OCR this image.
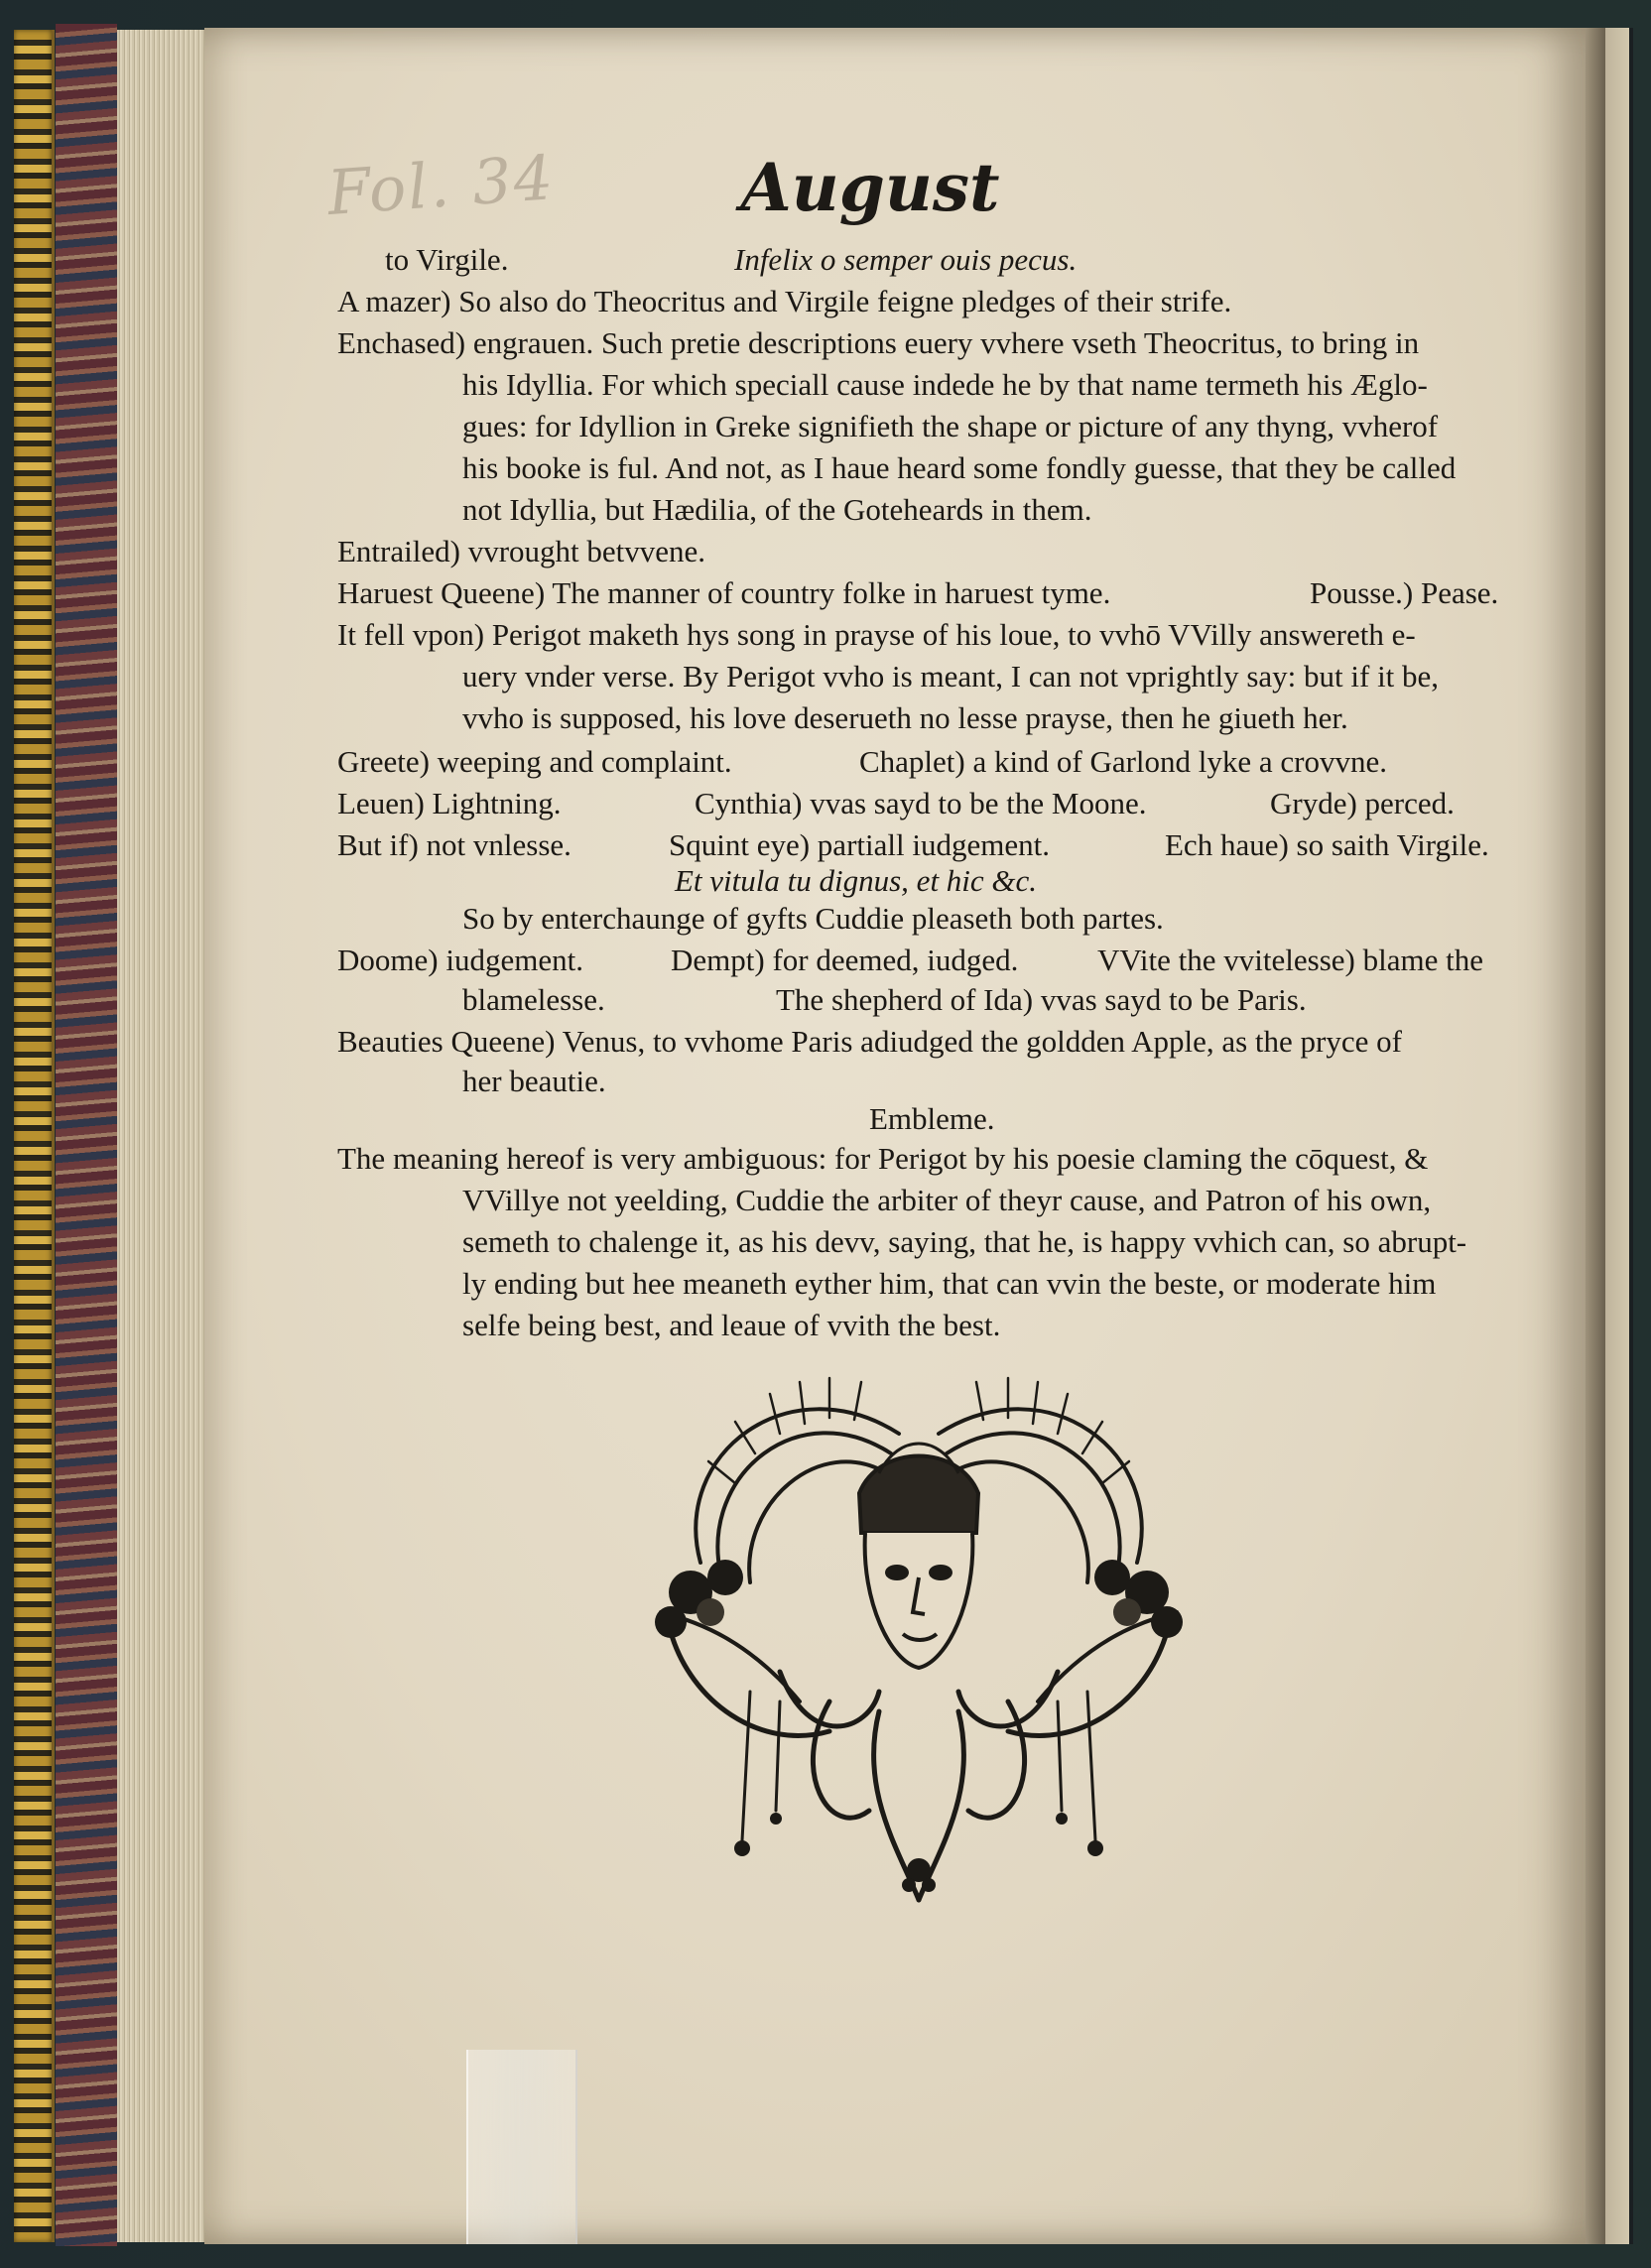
Fol. 34	August
to Virgile.	Infelix o semper ouis pecus.
A mazer) So also do Theocritus and Virgile feigne pledges of their strife.
Enchased) engrauen. Such pretie descriptions euery vvhere vseth Theocritus, to bring in
his Idyllia. For which speciall cause indede he by that name termeth his Æglo-
gues: for Idyllion in Greke signifieth the shape or picture of any thyng, vvherof
his booke is ful. And not, as I haue heard some fondly guesse, that they be called
not Idyllia, but Hædilia, of the Goteheards in them.
Entrailed) vvrought betvvene.
Haruest Queene) The manner of country folke in haruest tyme.	Pousse.) Pease.
It fell vpon) Perigot maketh hys song in prayse of his loue, to vvhō VVilly answereth e-
uery vnder verse. By Perigot vvho is meant, I can not vprightly say: but if it be,
vvho is supposed, his love deserueth no lesse prayse, then he giueth her.
Greete) weeping and complaint.	Chaplet) a kind of Garlond lyke a crovvne.
Leuen) Lightning.	Cynthia) vvas sayd to be the Moone.	Gryde) perced.
But if) not vnlesse.	Squint eye) partiall iudgement.	Ech haue) so saith Virgile.
Et vitula tu dignus, et hic &c.
So by enterchaunge of gyfts Cuddie pleaseth both partes.
Doome) iudgement.	Dempt) for deemed, iudged.	VVite the vvitelesse) blame the
blamelesse.	The shepherd of Ida) vvas sayd to be Paris.
Beauties Queene) Venus, to vvhome Paris adiudged the goldden Apple, as the pryce of
her beautie.
Embleme.
The meaning hereof is very ambiguous: for Perigot by his poesie claming the cōquest, &
VVillye not yeelding, Cuddie the arbiter of theyr cause, and Patron of his own,
semeth to chalenge it, as his devv, saying, that he, is happy vvhich can, so abrupt-
ly ending but hee meaneth eyther him, that can vvin the beste, or moderate him
selfe being best, and leaue of vvith the best.
